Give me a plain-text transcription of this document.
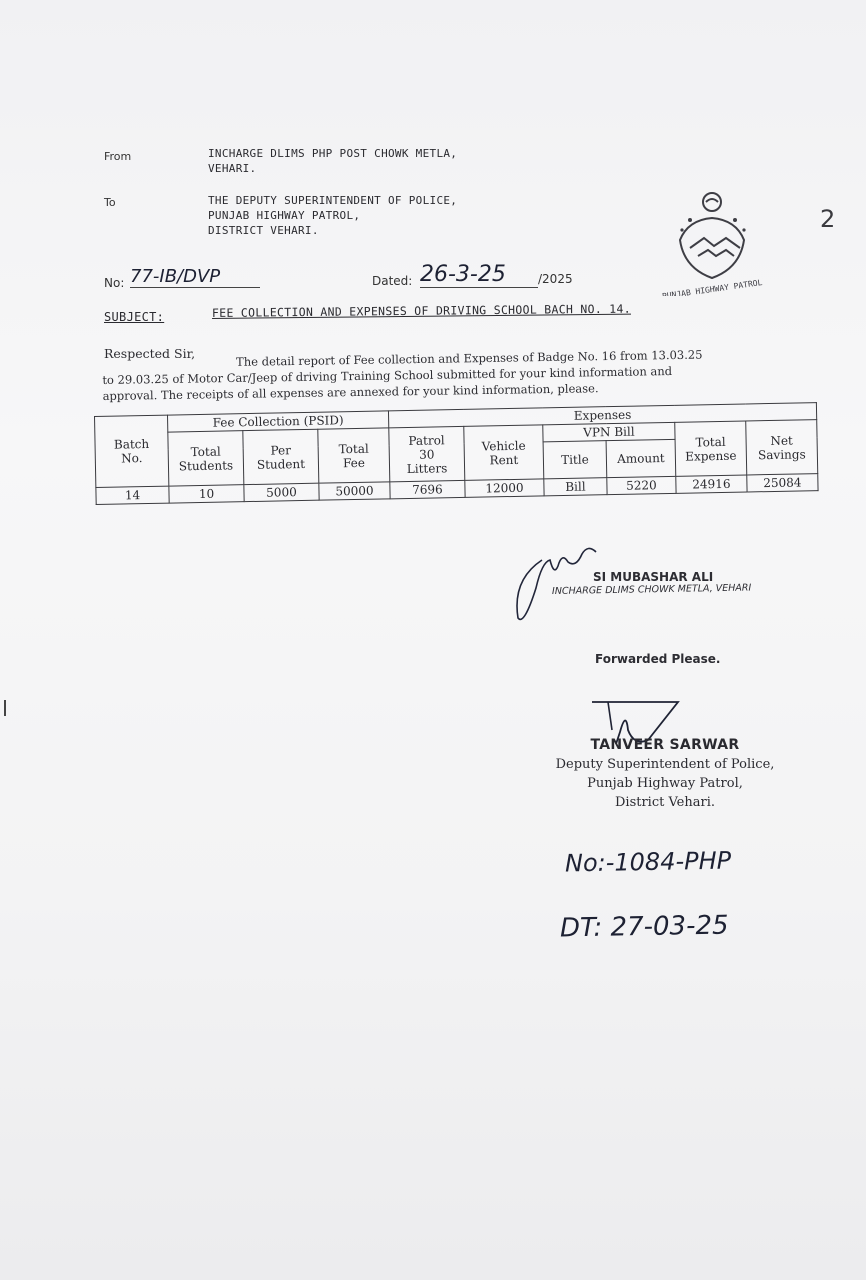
2
From	INCHARGE DLIMS PHP POST CHOWK METLA,
VEHARI.
To	THE DEPUTY SUPERINTENDENT OF POLICE,
PUNJAB HIGHWAY PATROL,
DISTRICT VEHARI.
PUNJAB HIGHWAY PATROL
No: 77-IB/DVP	Dated: 26-3-25	/2025
SUBJECT:	FEE COLLECTION AND EXPENSES OF DRIVING SCHOOL BACH NO. 14.
Respected Sir,	The detail report of Fee collection and Expenses of Badge No. 16 from 13.03.25
to 29.03.25 of Motor Car/Jeep of driving Training School submitted for your kind information and
approval. The receipts of all expenses are annexed for your kind information, please.
Batch No.	Fee Collection (PSID)			Expenses					
	Total Students	Per Student	Total Fee	Patrol 30 Litters	Vehicle Rent	VPN Bill		Total Expense	Net Savings
						Title	Amount		
14	10	5000	50000	7696	12000	Bill	5220	24916	25084
SI MUBASHAR ALI
INCHARGE DLIMS CHOWK METLA, VEHARI
Forwarded Please.
TANVEER SARWAR
Deputy Superintendent of Police,
Punjab Highway Patrol,
District Vehari.
No:-1084-PHP
DT: 27-03-25
